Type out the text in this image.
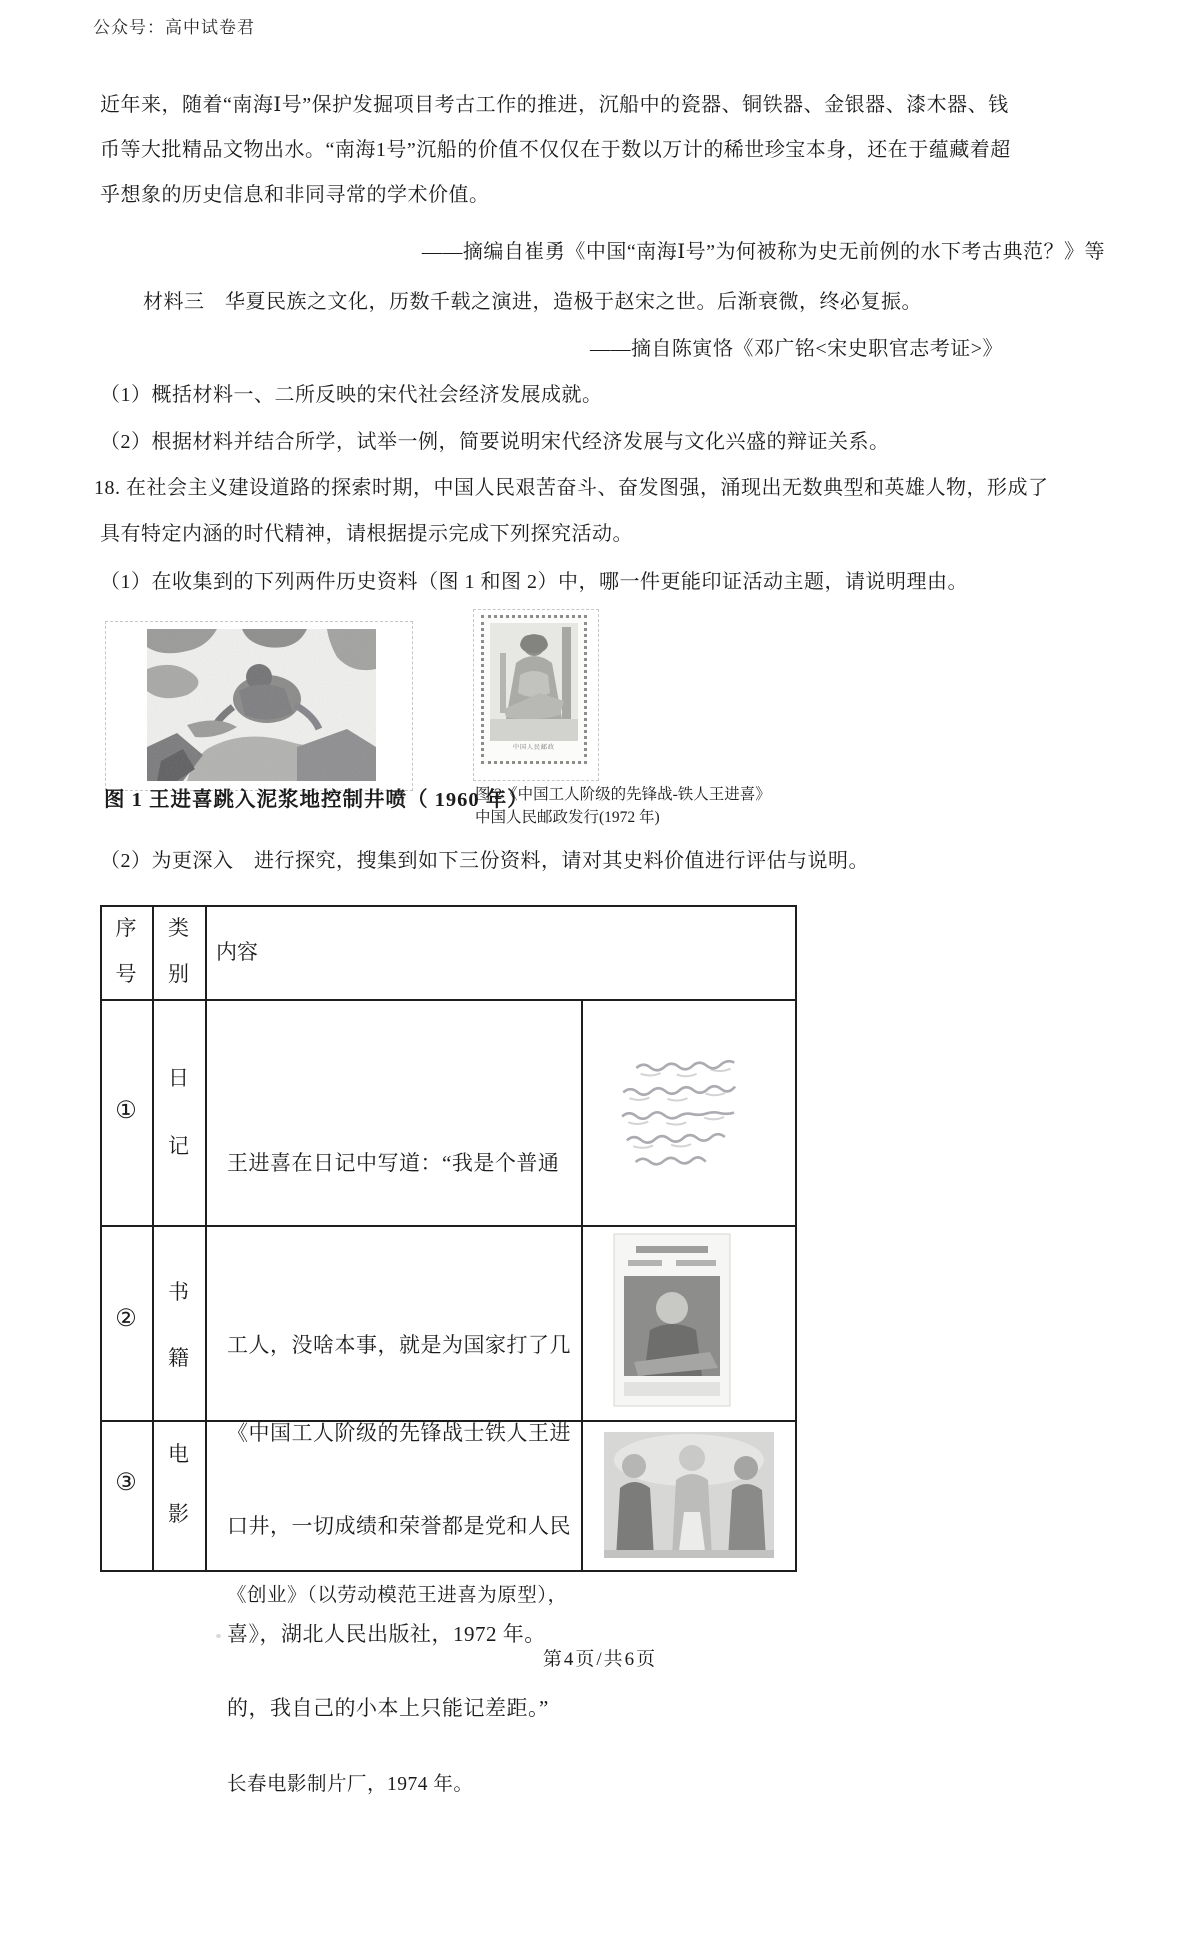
公众号：高中试卷君
近年来，随着“南海Ⅰ号”保护发掘项目考古工作的推进，沉船中的瓷器、铜铁器、金银器、漆木器、钱
币等大批精品文物出水。“南海1号”沉船的价值不仅仅在于数以万计的稀世珍宝本身，还在于蕴藏着超
乎想象的历史信息和非同寻常的学术价值。
——摘编自崔勇《中国“南海Ⅰ号”为何被称为史无前例的水下考古典范？》等
材料三　华夏民族之文化，历数千载之演进，造极于赵宋之世。后渐衰微，终必复振。
——摘自陈寅恪《邓广铭<宋史职官志考证>》
（1）概括材料一、二所反映的宋代社会经济发展成就。
（2）根据材料并结合所学，试举一例，简要说明宋代经济发展与文化兴盛的辩证关系。
18. 在社会主义建设道路的探索时期，中国人民艰苦奋斗、奋发图强，涌现出无数典型和英雄人物，形成了
具有特定内涵的时代精神，请根据提示完成下列探究活动。
（1）在收集到的下列两件历史资料（图 1 和图 2）中，哪一件更能印证活动主题，请说明理由。
图 1 王进喜跳入泥浆地控制井喷（ 1960 年）
中国人民邮政
图 2《中国工人阶级的先锋战-铁人王进喜》
中国人民邮政发行(1972 年)
（2）为更深入　进行探究，搜集到如下三份资料，请对其史料价值进行评估与说明。
序
号
类
别
内容
①
日
记

王进喜在日记中写道：“我是个普通

工人，没啥本事，就是为国家打了几

口井，一切成绩和荣誉都是党和人民

的，我自己的小本上只能记差距。”

②
书
籍

《中国工人阶级的先锋战士铁人王进

喜》，湖北人民出版社，1972 年。

③
电
影

《创业》（以劳动模范王进喜为原型），

长春电影制片厂，1974 年。

第4页/共6页
